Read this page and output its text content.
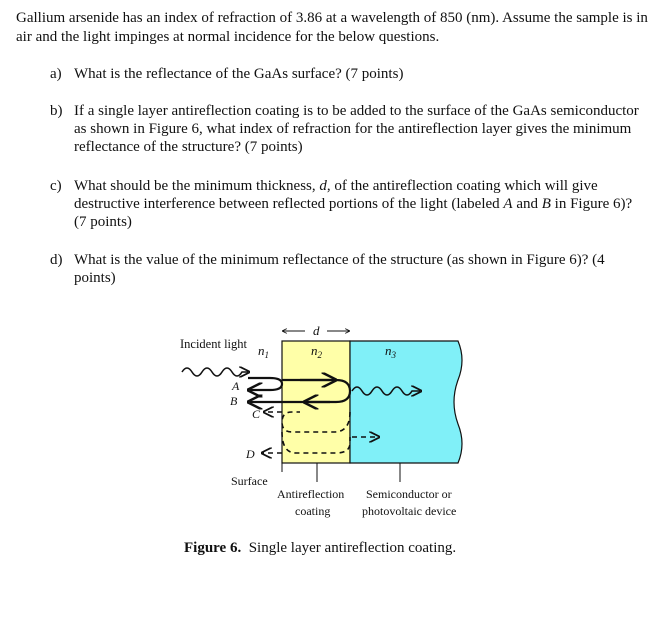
Gallium arsenide has an index of refraction of 3.86 at a wavelength of 850 (nm). Assume the sample is in air and the light impinges at normal incidence for the below questions.
a) What is the reflectance of the GaAs surface? (7 points)
b) If a single layer antireflection coating is to be added to the surface of the GaAs semiconductor as shown in Figure 6, what index of refraction for the antireflection layer gives the minimum reflectance of the structure? (7 points)
c) What should be the minimum thickness, d, of the antireflection coating which will give destructive interference between reflected portions of the light (labeled A and B in Figure 6)? (7 points)
d) What is the value of the minimum reflectance of the structure (as shown in Figure 6)? (4 points)
d
Incident light $n_1$	$n_2$	$n_3$
A
B
C
D
Surface
Antireflection
coating
Semiconductor or
photovoltaic device
Figure 6. Single layer antireflection coating.
